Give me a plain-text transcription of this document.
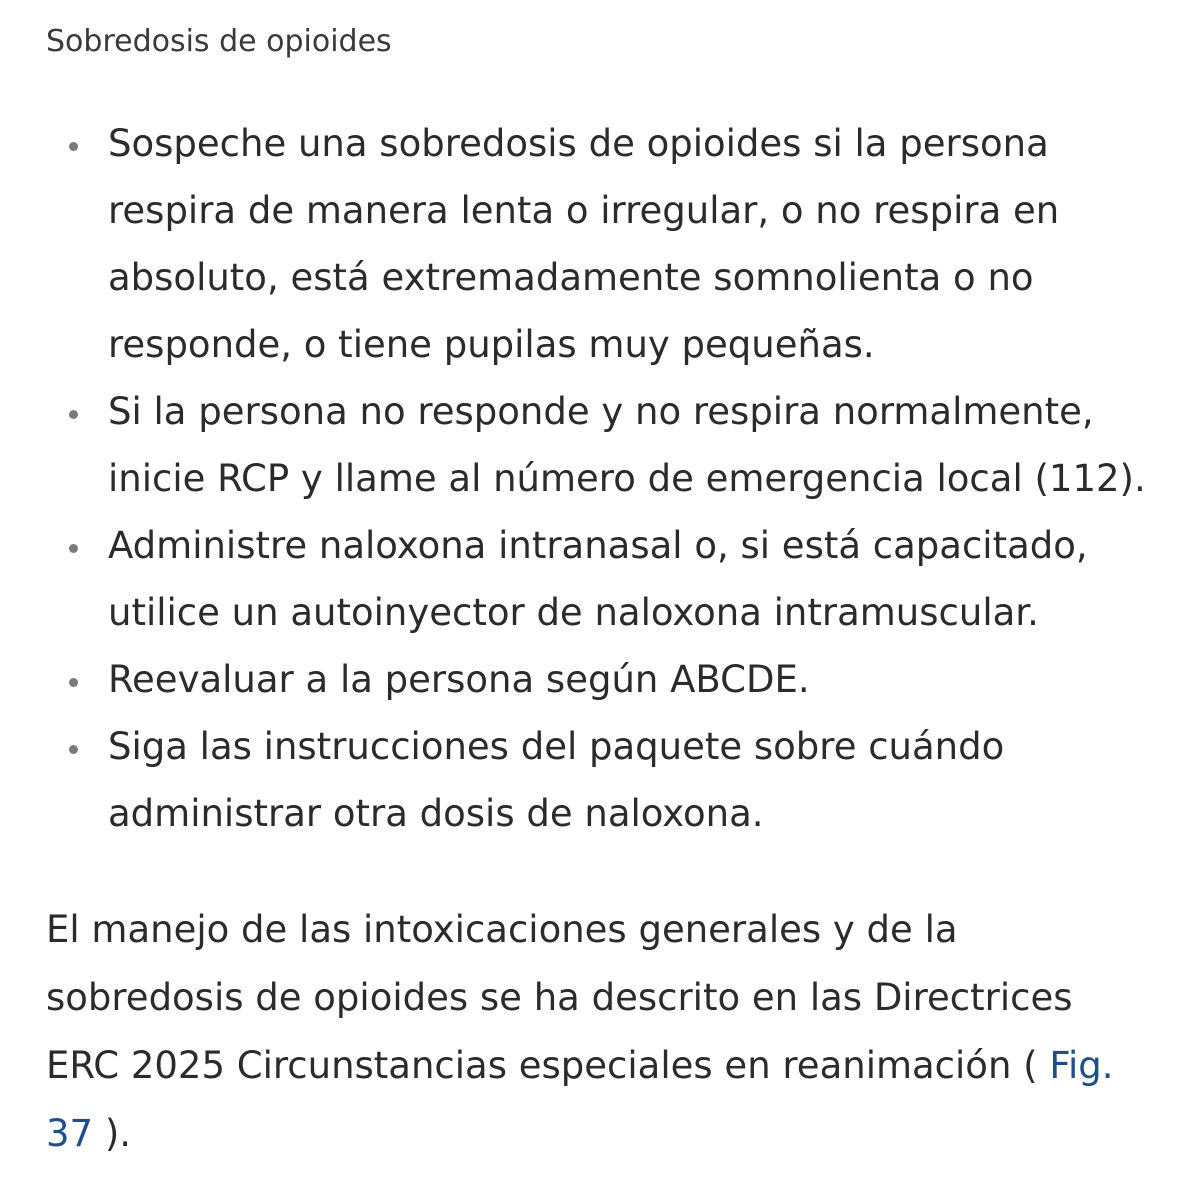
Sobredosis de opioides
Sospeche una sobredosis de opioides si la persona respira de manera lenta o irregular, o no respira en absoluto, está extremadamente somnolienta o no responde, o tiene pupilas muy pequeñas.
Si la persona no responde y no respira normalmente, inicie RCP y llame al número de emergencia local (112).
Administre naloxona intranasal o, si está capacitado, utilice un autoinyector de naloxona intramuscular.
Reevaluar a la persona según ABCDE.
Siga las instrucciones del paquete sobre cuándo administrar otra dosis de naloxona.

El manejo de las intoxicaciones generales y de la sobredosis de opioides se ha descrito en las Directrices ERC 2025 Circunstancias especiales en reanimación ( Fig. 37 ).
